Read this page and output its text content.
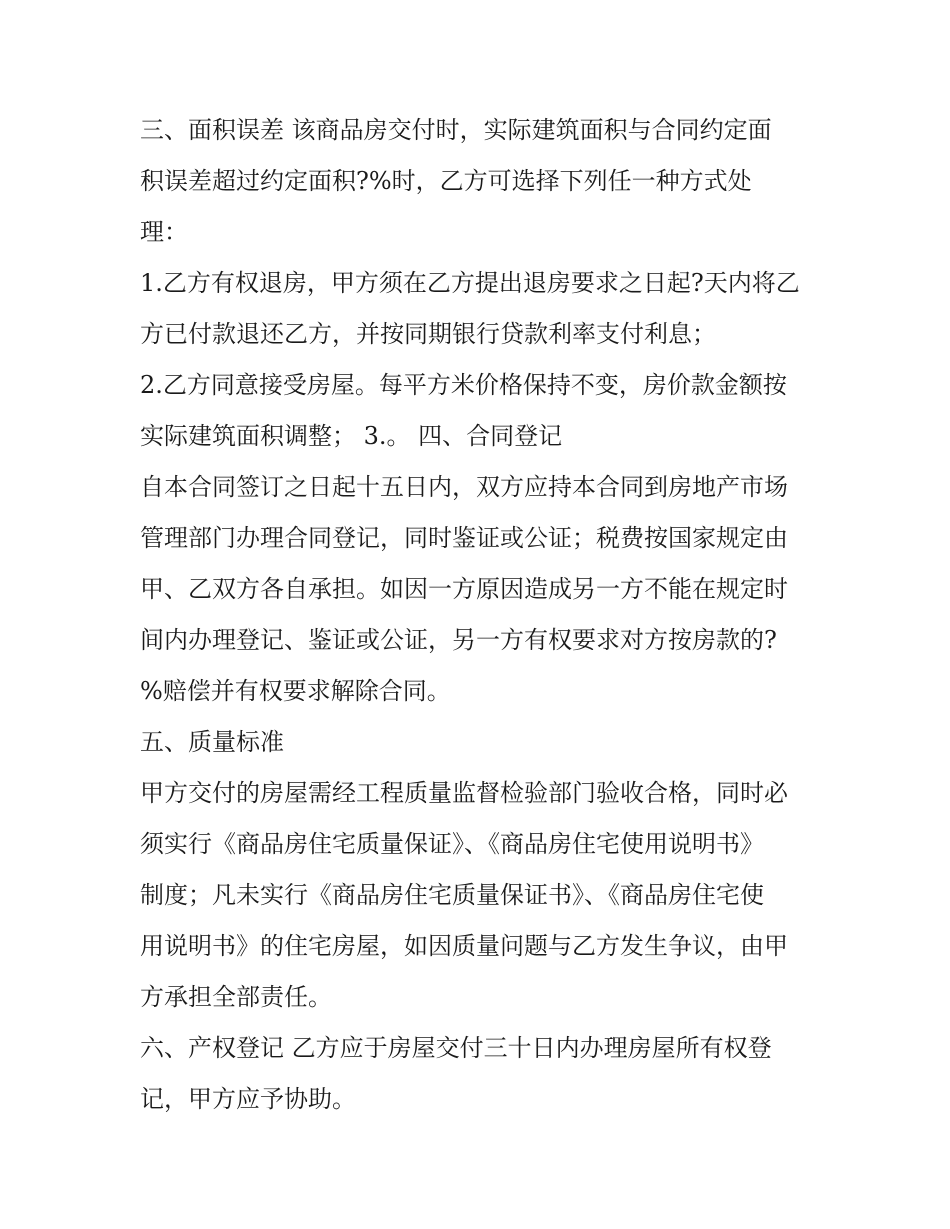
三、面积误差 该商品房交付时，实际建筑面积与合同约定面
积误差超过约定面积?%时，乙方可选择下列任一种方式处
理：
1.乙方有权退房，甲方须在乙方提出退房要求之日起?天内将乙
方已付款退还乙方，并按同期银行贷款利率支付利息；
2.乙方同意接受房屋。每平方米价格保持不变，房价款金额按
实际建筑面积调整； 3.。 四、合同登记
自本合同签订之日起十五日内，双方应持本合同到房地产市场
管理部门办理合同登记，同时鉴证或公证；税费按国家规定由
甲、乙双方各自承担。如因一方原因造成另一方不能在规定时
间内办理登记、鉴证或公证，另一方有权要求对方按房款的?
%赔偿并有权要求解除合同。
五、质量标准
甲方交付的房屋需经工程质量监督检验部门验收合格，同时必
须实行《商品房住宅质量保证》、《商品房住宅使用说明书》
制度；凡未实行《商品房住宅质量保证书》、《商品房住宅使
用说明书》的住宅房屋，如因质量问题与乙方发生争议，由甲
方承担全部责任。
六、产权登记 乙方应于房屋交付三十日内办理房屋所有权登
记，甲方应予协助。
